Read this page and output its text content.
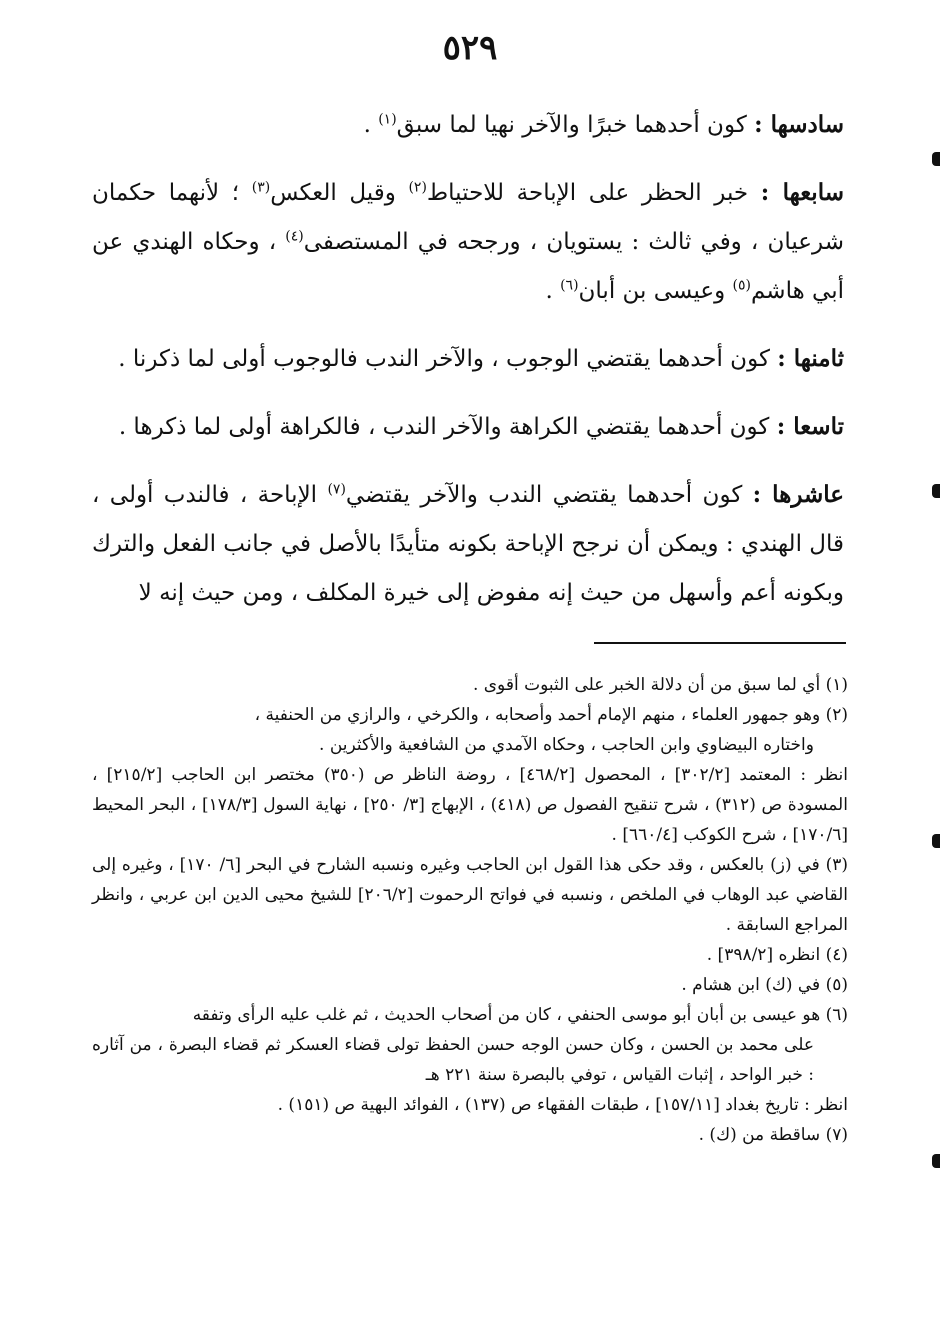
٥٢٩

سادسها : كون أحدهما خبرًا والآخر نهيا لما سبق$^{(١)}$ .

سابعها : خبر الحظر على الإباحة للاحتياط$^{(٢)}$ وقيل العكس$^{(٣)}$ ؛ لأنهما حكمان شرعيان ، وفي ثالث : يستويان ، ورجحه في المستصفى$^{(٤)}$ ، وحكاه الهندي عن أبي هاشم$^{(٥)}$ وعيسى بن أبان$^{(٦)}$ .

ثامنها : كون أحدهما يقتضي الوجوب ، والآخر الندب فالوجوب أولى لما ذكرنا .

تاسعا : كون أحدهما يقتضي الكراهة والآخر الندب ، فالكراهة أولى لما ذكرها .

عاشرها : كون أحدهما يقتضي الندب والآخر يقتضي$^{(٧)}$ الإباحة ، فالندب أولى ، قال الهندي : ويمكن أن نرجح الإباحة بكونه متأيدًا بالأصل في جانب الفعل والترك وبكونه أعم وأسهل من حيث إنه مفوض إلى خيرة المكلف ، ومن حيث إنه لا

(١) أي لما سبق من أن دلالة الخبر على الثبوت أقوى .

(٢) وهو جمهور العلماء ، منهم الإمام أحمد وأصحابه ، والكرخي ، والرازي من الحنفية ،

واختاره البيضاوي وابن الحاجب ، وحكاه الآمدي من الشافعية والأكثرين .

انظر : المعتمد [٣٠٢/٢] ، المحصول [٤٦٨/٢] ، روضة الناظر ص (٣٥٠) مختصر ابن الحاجب [٢١٥/٢] ، المسودة ص (٣١٢) ، شرح تنقيح الفصول ص (٤١٨) ، الإبهاج [٣/ ٢٥٠] ، نهاية السول [١٧٨/٣] ، البحر المحيط [١٧٠/٦] ، شرح الكوكب [٦٦٠/٤] .

(٣) في (ز) بالعكس ، وقد حكى هذا القول ابن الحاجب وغيره ونسبه الشارح في البحر [٦/ ١٧٠] ، وغيره إلى القاضي عبد الوهاب في الملخص ، ونسبه في فواتح الرحموت [٢٠٦/٢] للشيخ محيى الدين ابن عربي ، وانظر المراجع السابقة .

(٤) انظره [٣٩٨/٢] .

(٥) في (ك) ابن هشام .

(٦) هو عيسى بن أبان أبو موسى الحنفي ، كان من أصحاب الحديث ، ثم غلب عليه الرأى وتفقه

على محمد بن الحسن ، وكان حسن الوجه حسن الحفظ تولى قضاء العسكر ثم قضاء البصرة ، من آثاره : خبر الواحد ، إثبات القياس ، توفي بالبصرة سنة ٢٢١ هـ

انظر : تاريخ بغداد [١٥٧/١١] ، طبقات الفقهاء ص (١٣٧) ، الفوائد البهية ص (١٥١) .

(٧) ساقطة من (ك) .
